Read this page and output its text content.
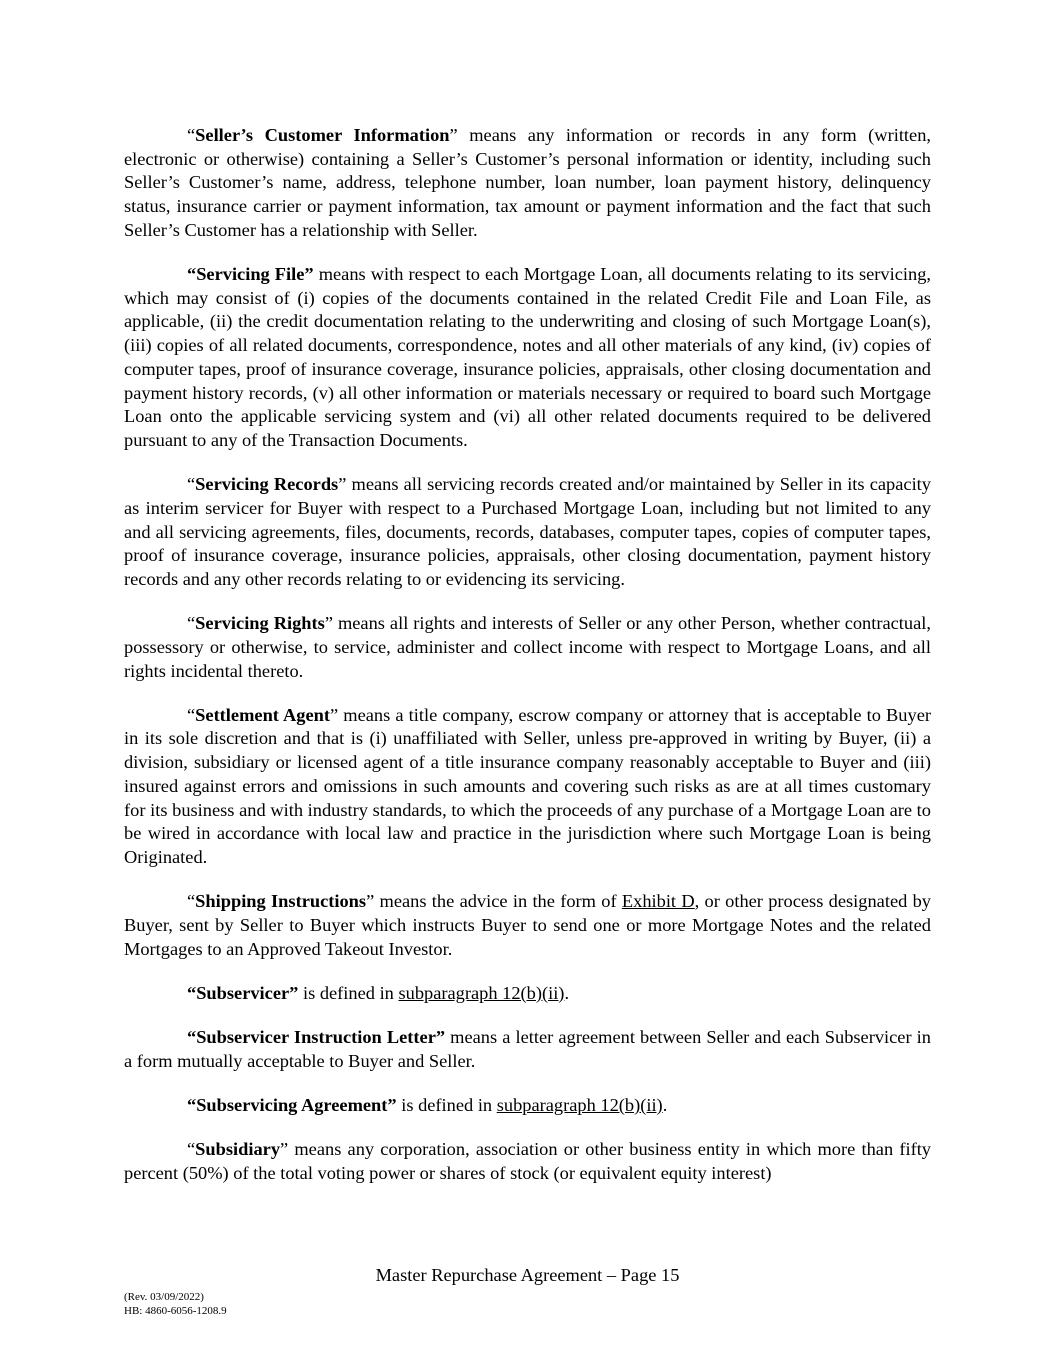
“Seller’s Customer Information” means any information or records in any form (written, electronic or otherwise) containing a Seller’s Customer’s personal information or identity, including such Seller’s Customer’s name, address, telephone number, loan number, loan payment history, delinquency status, insurance carrier or payment information, tax amount or payment information and the fact that such Seller’s Customer has a relationship with Seller.

“Servicing File” means with respect to each Mortgage Loan, all documents relating to its servicing, which may consist of (i) copies of the documents contained in the related Credit File and Loan File, as applicable, (ii) the credit documentation relating to the underwriting and closing of such Mortgage Loan(s), (iii) copies of all related documents, correspondence, notes and all other materials of any kind, (iv) copies of computer tapes, proof of insurance coverage, insurance policies, appraisals, other closing documentation and payment history records, (v) all other information or materials necessary or required to board such Mortgage Loan onto the applicable servicing system and (vi) all other related documents required to be delivered pursuant to any of the Transaction Documents.

“Servicing Records” means all servicing records created and/or maintained by Seller in its capacity as interim servicer for Buyer with respect to a Purchased Mortgage Loan, including but not limited to any and all servicing agreements, files, documents, records, databases, computer tapes, copies of computer tapes, proof of insurance coverage, insurance policies, appraisals, other closing documentation, payment history records and any other records relating to or evidencing its servicing.

“Servicing Rights” means all rights and interests of Seller or any other Person, whether contractual, possessory or otherwise, to service, administer and collect income with respect to Mortgage Loans, and all rights incidental thereto.

“Settlement Agent” means a title company, escrow company or attorney that is acceptable to Buyer in its sole discretion and that is (i) unaffiliated with Seller, unless pre-approved in writing by Buyer, (ii) a division, subsidiary or licensed agent of a title insurance company reasonably acceptable to Buyer and (iii) insured against errors and omissions in such amounts and covering such risks as are at all times customary for its business and with industry standards, to which the proceeds of any purchase of a Mortgage Loan are to be wired in accordance with local law and practice in the jurisdiction where such Mortgage Loan is being Originated.

“Shipping Instructions” means the advice in the form of Exhibit D, or other process designated by Buyer, sent by Seller to Buyer which instructs Buyer to send one or more Mortgage Notes and the related Mortgages to an Approved Takeout Investor.

“Subservicer” is defined in subparagraph 12(b)(ii).

“Subservicer Instruction Letter” means a letter agreement between Seller and each Subservicer in a form mutually acceptable to Buyer and Seller.

“Subservicing Agreement” is defined in subparagraph 12(b)(ii).

“Subsidiary” means any corporation, association or other business entity in which more than fifty percent (50%) of the total voting power or shares of stock (or equivalent equity interest)

Master Repurchase Agreement – Page 15
(Rev. 03/09/2022)
HB: 4860-6056-1208.9
